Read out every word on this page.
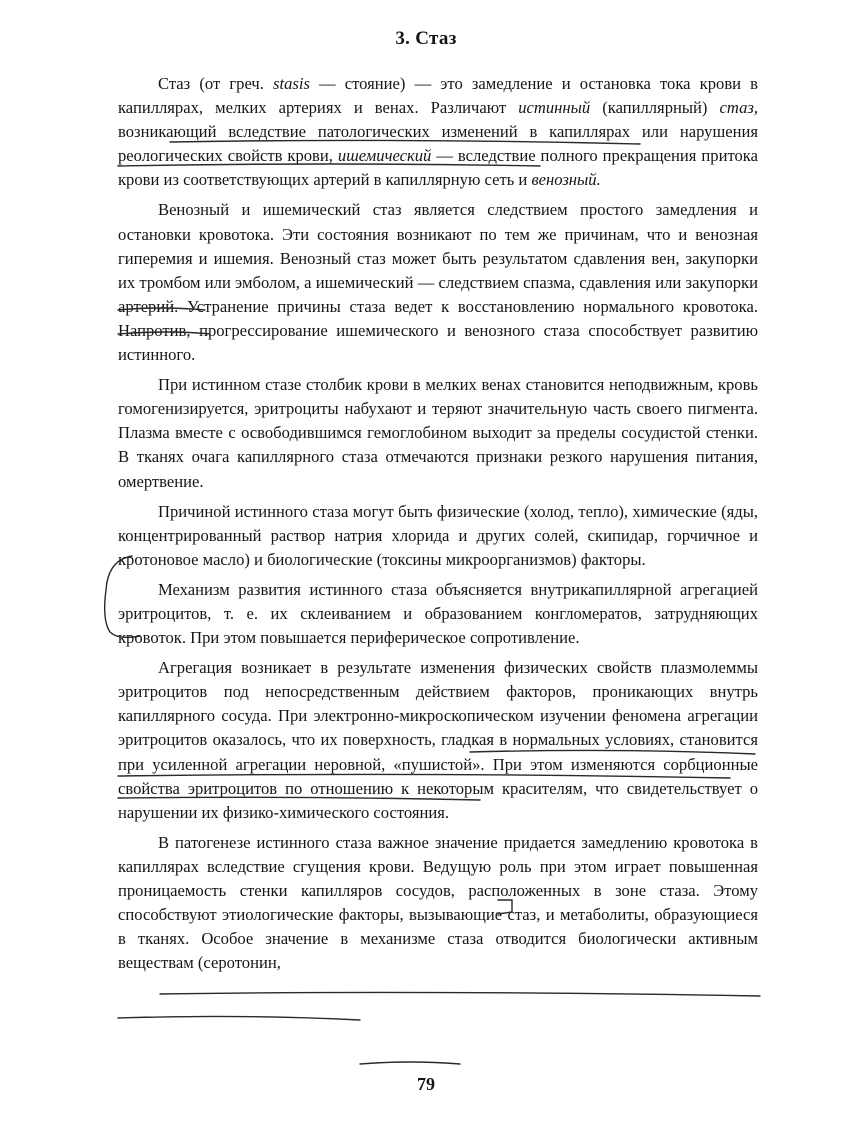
3. Стаз

Стаз (от греч. stasis — стояние) — это замедление и остановка тока крови в капиллярах, мелких артериях и венах. Различают истинный (капиллярный) стаз, возникающий вследствие патологических изменений в капиллярах или нарушения реологических свойств крови, ишемический — вследствие полного прекращения притока крови из соответствующих артерий в капиллярную сеть и венозный.

Венозный и ишемический стаз является следствием простого замедления и остановки кровотока. Эти состояния возникают по тем же причинам, что и венозная гиперемия и ишемия. Венозный стаз может быть результатом сдавления вен, закупорки их тромбом или эмболом, а ишемический — следствием спазма, сдавления или закупорки артерий. Устранение причины стаза ведет к восстановлению нормального кровотока. Напротив, прогрессирование ишемического и венозного стаза способствует развитию истинного.

При истинном стазе столбик крови в мелких венах становится неподвижным, кровь гомогенизируется, эритроциты набухают и теряют значительную часть своего пигмента. Плазма вместе с освободившимся гемоглобином выходит за пределы сосудистой стенки. В тканях очага капиллярного стаза отмечаются признаки резкого нарушения питания, омертвение.

Причиной истинного стаза могут быть физические (холод, тепло), химические (яды, концентрированный раствор натрия хлорида и других солей, скипидар, горчичное и кротоновое масло) и биологические (токсины микроорганизмов) факторы.

Механизм развития истинного стаза объясняется внутрикапиллярной агрегацией эритроцитов, т. е. их склеиванием и образованием конгломератов, затрудняющих кровоток. При этом повышается периферическое сопротивление.

Агрегация возникает в результате изменения физических свойств плазмолеммы эритроцитов под непосредственным действием факторов, проникающих внутрь капиллярного сосуда. При электронно-микроскопическом изучении феномена агрегации эритроцитов оказалось, что их поверхность, гладкая в нормальных условиях, становится при усиленной агрегации неровной, «пушистой». При этом изменяются сорбционные свойства эритроцитов по отношению к некоторым красителям, что свидетельствует о нарушении их физико-химического состояния.

В патогенезе истинного стаза важное значение придается замедлению кровотока в капиллярах вследствие сгущения крови. Ведущую роль при этом играет повышенная проницаемость стенки капилляров сосудов, расположенных в зоне стаза. Этому способствуют этиологические факторы, вызывающие стаз, и метаболиты, образующиеся в тканях. Особое значение в механизме стаза отводится биологически активным веществам (серотонин,

79
